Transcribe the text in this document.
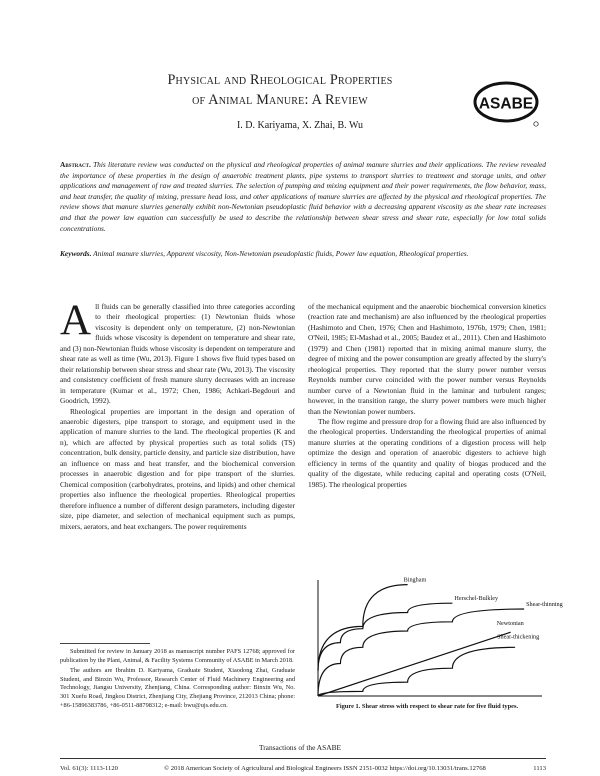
Physical and Rheological Properties
of Animal Manure: A Review
I. D. Kariyama, X. Zhai, B. Wu
ASABE
Abstract. This literature review was conducted on the physical and rheological properties of animal manure slurries and their applications. The review revealed the importance of these properties in the design of anaerobic treatment plants, pipe systems to transport slurries to treatment and storage units, and other applications and management of raw and treated slurries. The selection of pumping and mixing equipment and their power requirements, the flow behavior, mass, and heat transfer, the quality of mixing, pressure head loss, and other applications of manure slurries are affected by the physical and rheological properties. The review shows that manure slurries generally exhibit non-Newtonian pseudoplastic fluid behavior with a decreasing apparent viscosity as the shear rate increases and that the power law equation can successfully be used to describe the relationship between shear stress and shear rate, especially for low total solids concentrations.
Keywords. Animal manure slurries, Apparent viscosity, Non-Newtonian pseudoplastic fluids, Power law equation, Rheological properties.

All fluids can be generally classified into three categories according to their rheological properties: (1) Newtonian fluids whose viscosity is dependent only on temperature, (2) non-Newtonian fluids whose viscosity is dependent on temperature and shear rate, and (3) non-Newtonian fluids whose viscosity is dependent on temperature and shear rate as well as time (Wu, 2013). Figure 1 shows five fluid types based on their relationship between shear stress and shear rate (Wu, 2013). The viscosity and consistency coefficient of fresh manure slurry decreases with an increase in temperature (Kumar et al., 1972; Chen, 1986; Achkari-Begdouri and Goodrich, 1992).

Rheological properties are important in the design and operation of anaerobic digesters, pipe transport to storage, and equipment used in the application of manure slurries to the land. The rheological properties (K and n), which are affected by physical properties such as total solids (TS) concentration, bulk density, particle density, and particle size distribution, have an influence on mass and heat transfer, and the biochemical conversion processes in anaerobic digestion and for pipe transport of the slurries. Chemical composition (carbohydrates, proteins, and lipids) and other chemical properties also influence the rheological properties. Rheological properties therefore influence a number of different design parameters, including digester size, pipe diameter, and selection of mechanical equipment such as pumps, mixers, aerators, and heat exchangers. The power requirements

of the mechanical equipment and the anaerobic biochemical conversion kinetics (reaction rate and mechanism) are also influenced by the rheological properties (Hashimoto and Chen, 1976; Chen and Hashimoto, 1976b, 1979; Chen, 1981; O'Neil, 1985; El-Mashad et al., 2005; Baudez et al., 2011). Chen and Hashimoto (1979) and Chen (1981) reported that in mixing animal manure slurry, the degree of mixing and the power consumption are greatly affected by the slurry's rheological properties. They reported that the slurry power number versus Reynolds number curve coincided with the power number versus Reynolds number curve of a Newtonian fluid in the laminar and turbulent ranges; however, in the transition range, the slurry power numbers were much higher than the Newtonian power numbers.

The flow regime and pressure drop for a flowing fluid are also influenced by the rheological properties. Understanding the rheological properties of animal manure slurries at the operating conditions of a digestion process will help optimize the design and operation of anaerobic digesters to achieve high efficiency in terms of the quantity and quality of biogas produced and the quality of the digestate, while reducing capital and operating costs (O'Neil, 1985). The rheological properties

Submitted for review in January 2018 as manuscript number PAFS 12768; approved for publication by the Plant, Animal, & Facility Systems Community of ASABE in March 2018.

The authors are Ibrahim D. Kariyama, Graduate Student, Xiaodong Zhai, Graduate Student, and Binxin Wu, Professor, Research Center of Fluid Machinery Engineering and Technology, Jiangsu University, Zhenjiang, China. Corresponding author: Binxin Wu, No. 301 Xuefu Road, Jingkou District, Zhenjiang City, Zhejiang Province, 212013 China; phone: +86-15896383786, +86-0511-88798312; e-mail: bwu@ujs.edu.cn.

Bingham
Herschel-Bulkley
Shear-thinning
Newtonian
Shear-thickening
Figure 1. Shear stress with respect to shear rate for five fluid types.
Transactions of the ASABE
Vol. 61(3): 1113-1120	© 2018 American Society of Agricultural and Biological Engineers ISSN 2151-0032 https://doi.org/10.13031/trans.12768	1113
